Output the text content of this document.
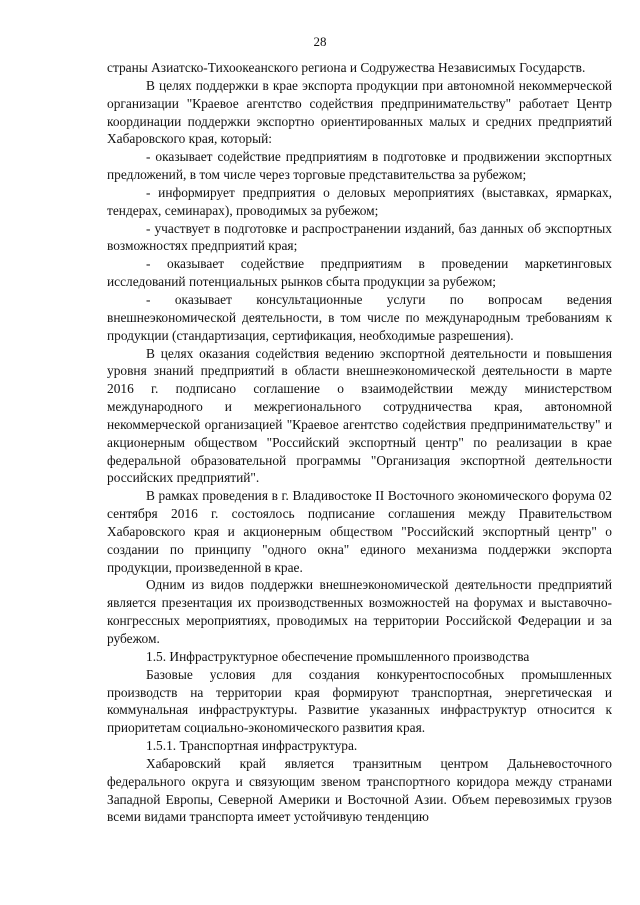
28

страны Азиатско-Тихоокеанского региона и Содружества Независимых Государств.

В целях поддержки в крае экспорта продукции при автономной некоммерческой организации "Краевое агентство содействия предпринимательству" работает Центр координации поддержки экспортно ориентированных малых и средних предприятий Хабаровского края, который:

- оказывает содействие предприятиям в подготовке и продвижении экспортных предложений, в том числе через торговые представительства за рубежом;

- информирует предприятия о деловых мероприятиях (выставках, ярмарках, тендерах, семинарах), проводимых за рубежом;

- участвует в подготовке и распространении изданий, баз данных об экспортных возможностях предприятий края;

- оказывает содействие предприятиям в проведении маркетинговых исследований потенциальных рынков сбыта продукции за рубежом;

- оказывает консультационные услуги по вопросам ведения внешнеэкономической деятельности, в том числе по международным требованиям к продукции (стандартизация, сертификация, необходимые разрешения).

В целях оказания содействия ведению экспортной деятельности и повышения уровня знаний предприятий в области внешнеэкономической деятельности в марте 2016 г. подписано соглашение о взаимодействии между министерством международного и межрегионального сотрудничества края, автономной некоммерческой организацией "Краевое агентство содействия предпринимательству" и акционерным обществом "Российский экспортный центр" по реализации в крае федеральной образовательной программы "Организация экспортной деятельности российских предприятий".

В рамках проведения в г. Владивостоке II Восточного экономического форума 02 сентября 2016 г. состоялось подписание соглашения между Правительством Хабаровского края и акционерным обществом "Российский экспортный центр" о создании по принципу "одного окна" единого механизма поддержки экспорта продукции, произведенной в крае.

Одним из видов поддержки внешнеэкономической деятельности предприятий является презентация их производственных возможностей на форумах и выставочно-конгрессных мероприятиях, проводимых на территории Российской Федерации и за рубежом.

1.5. Инфраструктурное обеспечение промышленного производства

Базовые условия для создания конкурентоспособных промышленных производств на территории края формируют транспортная, энергетическая и коммунальная инфраструктуры. Развитие указанных инфраструктур относится к приоритетам социально-экономического развития края.

1.5.1. Транспортная инфраструктура.

Хабаровский край является транзитным центром Дальневосточного федерального округа и связующим звеном транспортного коридора между странами Западной Европы, Северной Америки и Восточной Азии. Объем перевозимых грузов всеми видами транспорта имеет устойчивую тенденцию
